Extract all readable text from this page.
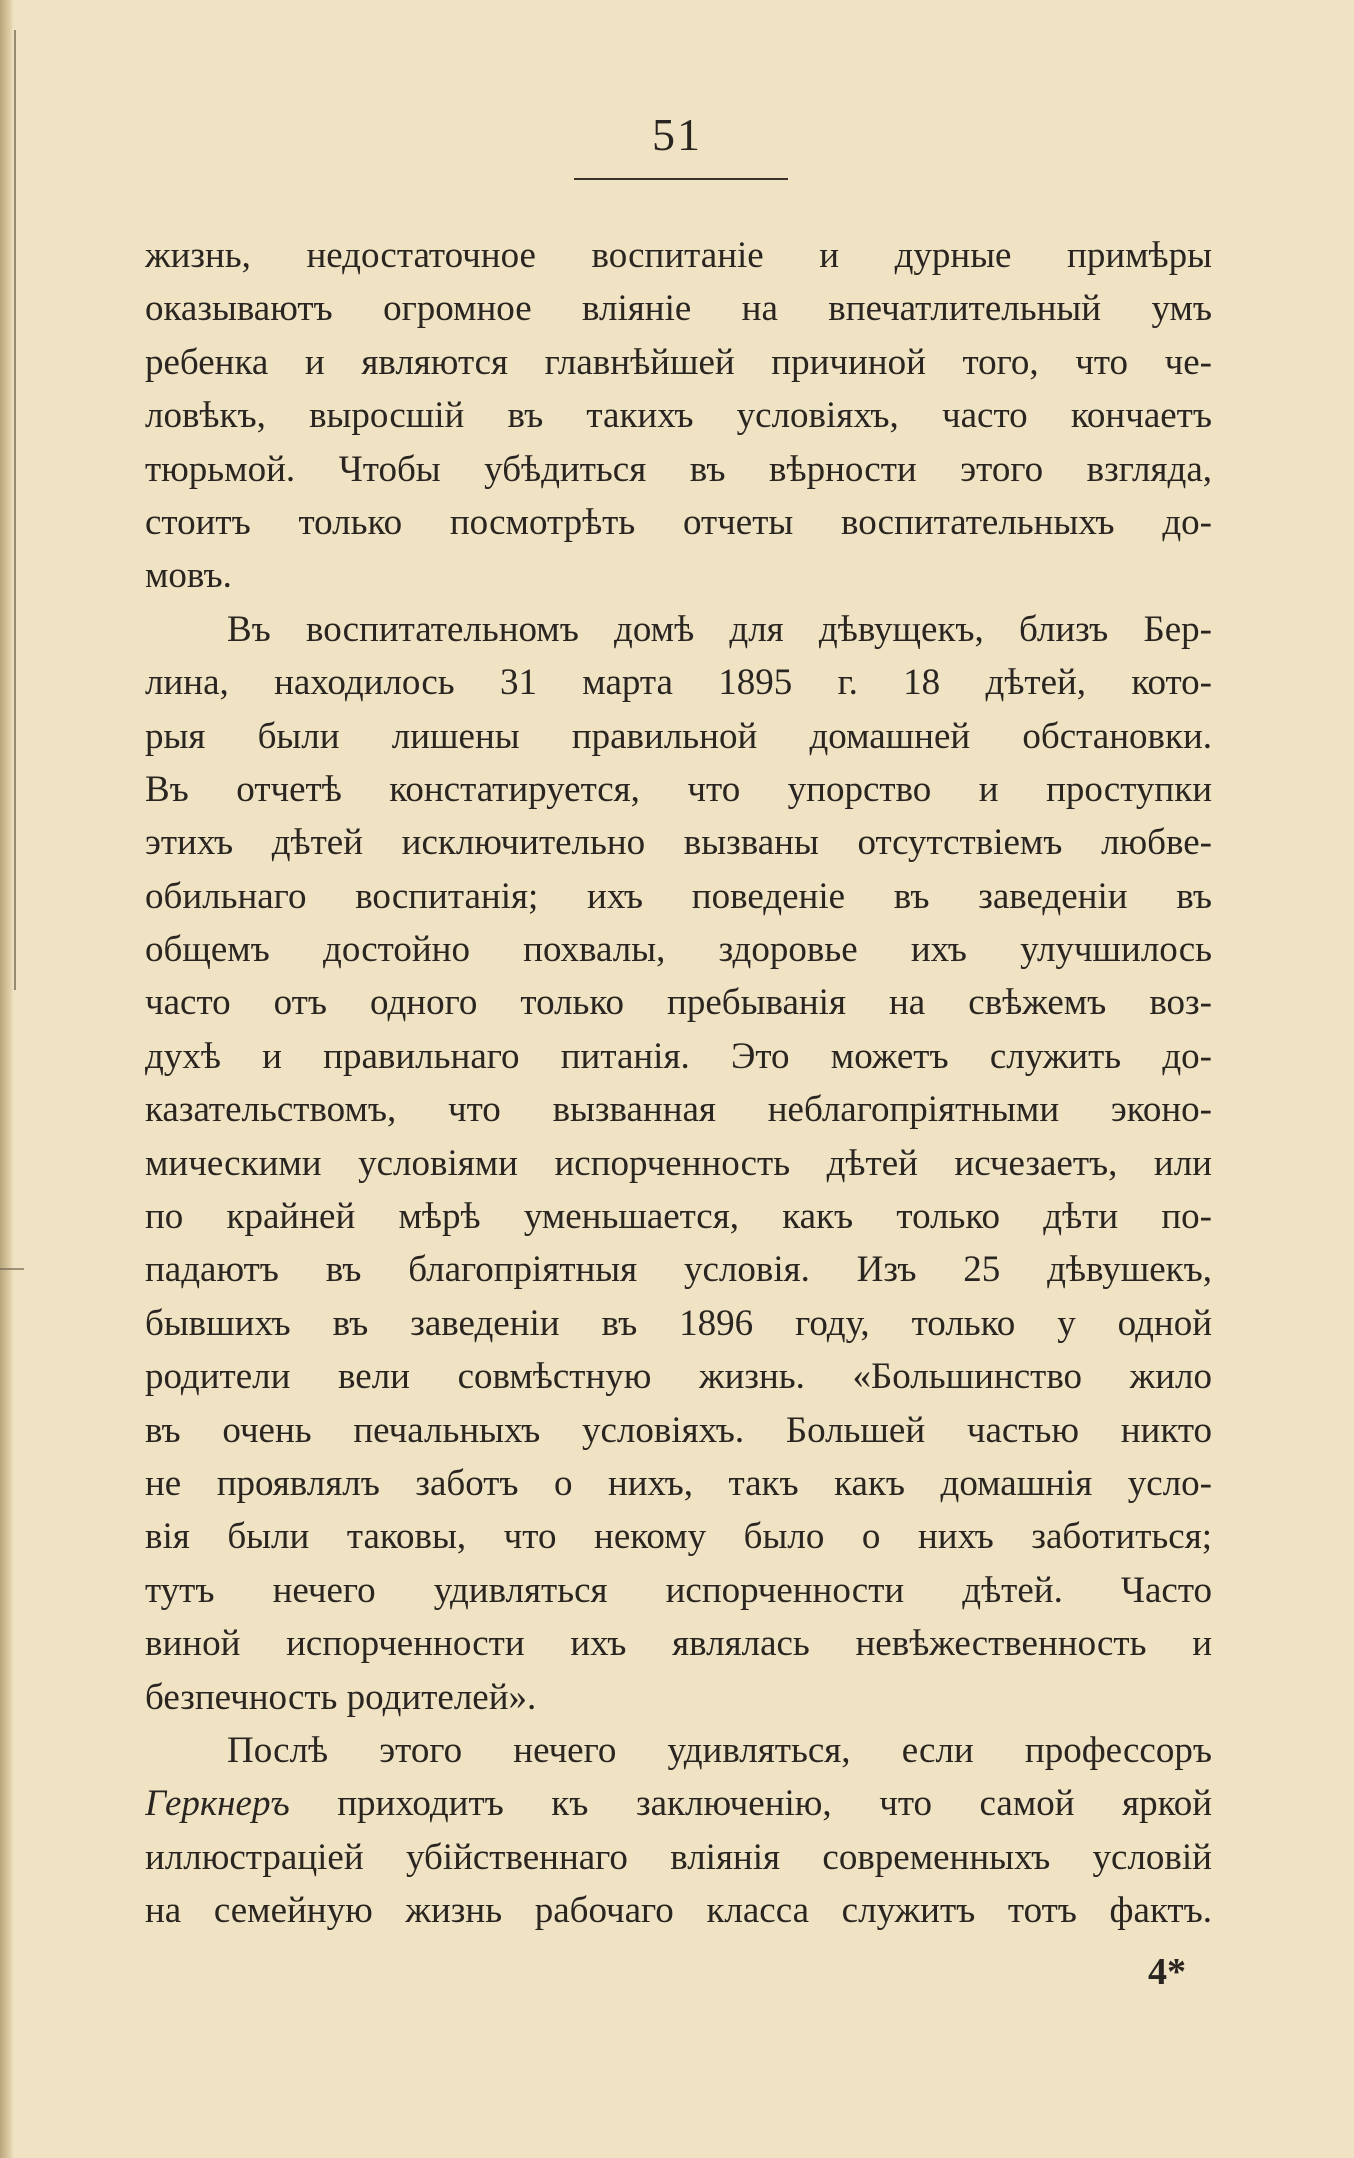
51
жизнь, недостаточное воспитаніе и дурные примѣры
оказываютъ огромное вліяніе на впечатлительный умъ
ребенка и являются главнѣйшей причиной того, что че-
ловѣкъ, выросшій въ такихъ условіяхъ, часто кончаетъ
тюрьмой. Чтобы убѣдиться въ вѣрности этого взгляда,
стоитъ только посмотрѣть отчеты воспитательныхъ до-
мовъ.
Въ воспитательномъ домѣ для дѣвущекъ, близъ Бер-
лина, находилось 31 марта 1895 г. 18 дѣтей, кото-
рыя были лишены правильной домашней обстановки.
Въ отчетѣ констатируется, что упорство и проступки
этихъ дѣтей исключительно вызваны отсутствіемъ любве-
обильнаго воспитанія; ихъ поведеніе въ заведеніи въ
общемъ достойно похвалы, здоровье ихъ улучшилось
часто отъ одного только пребыванія на свѣжемъ воз-
духѣ и правильнаго питанія. Это можетъ служить до-
казательствомъ, что вызванная неблагопріятными эконо-
мическими условіями испорченность дѣтей исчезаетъ, или
по крайней мѣрѣ уменьшается, какъ только дѣти по-
падаютъ въ благопріятныя условія. Изъ 25 дѣвушекъ,
бывшихъ въ заведеніи въ 1896 году, только у одной
родители вели совмѣстную жизнь. «Большинство жило
въ очень печальныхъ условіяхъ. Большей частью никто
не проявлялъ заботъ о нихъ, такъ какъ домашнія усло-
вія были таковы, что некому было о нихъ заботиться;
тутъ нечего удивляться испорченности дѣтей. Часто
виной испорченности ихъ являлась невѣжественность и
безпечность родителей».
Послѣ этого нечего удивляться, если профессоръ
Геркнеръ приходитъ къ заключенію, что самой яркой
иллюстраціей убійственнаго вліянія современныхъ условій
на семейную жизнь рабочаго класса служитъ тотъ фактъ.
4*
